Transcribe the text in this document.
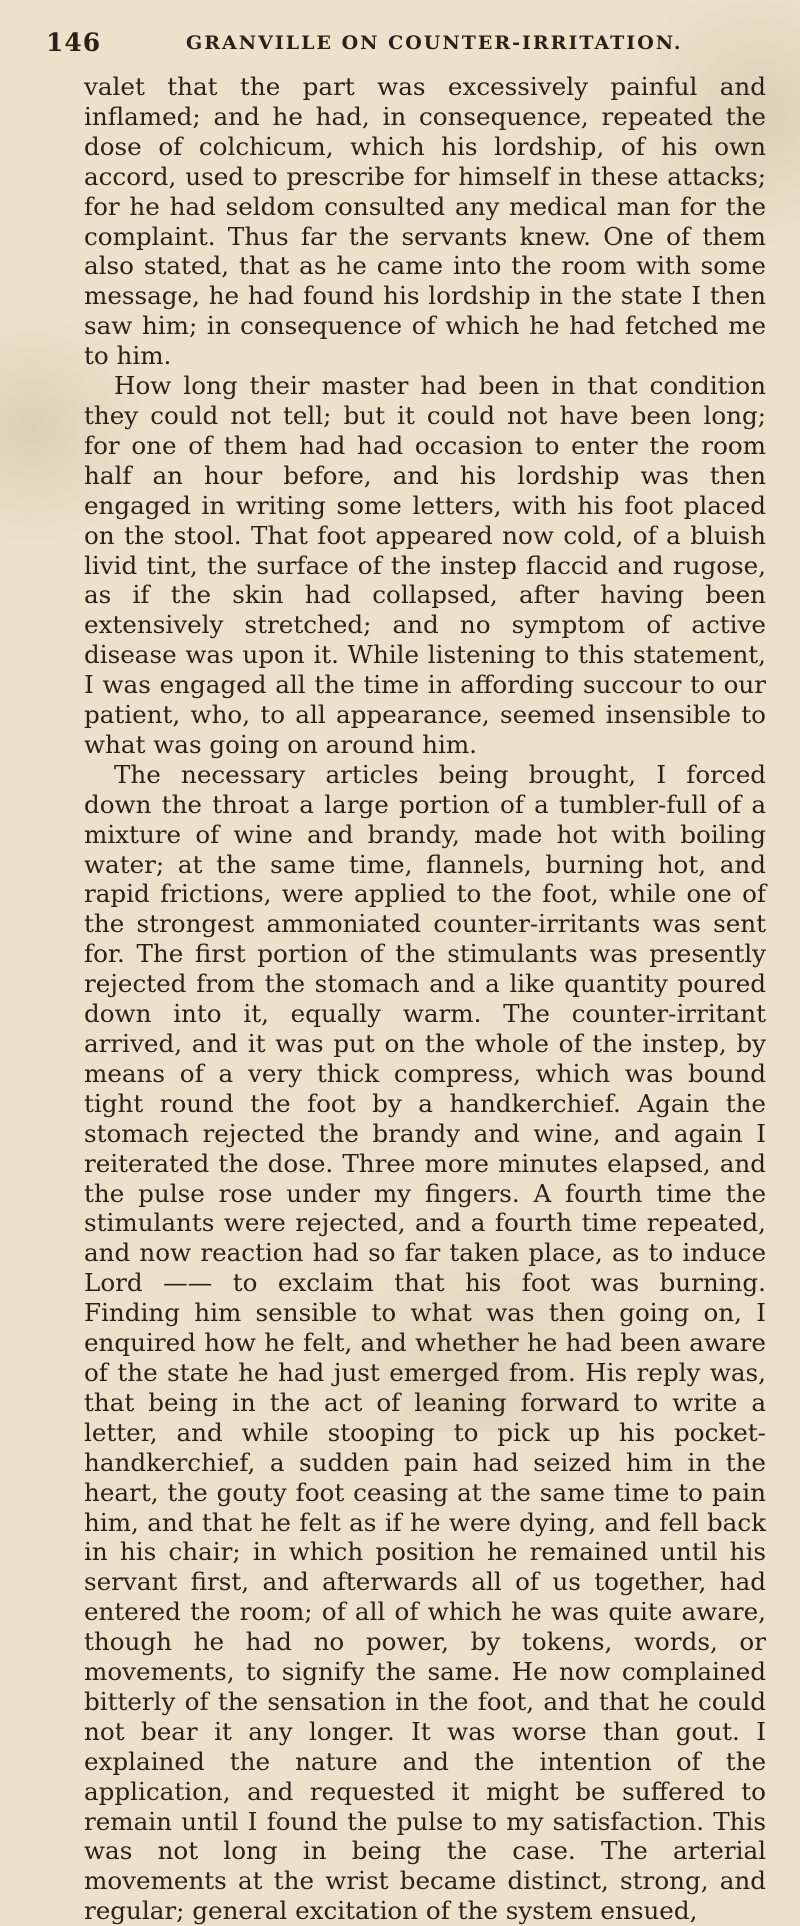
146	GRANVILLE ON COUNTER-IRRITATION.

valet that the part was excessively painful and inflamed; and he had, in consequence, repeated the dose of colchicum, which his lordship, of his own accord, used to prescribe for himself in these attacks; for he had seldom consulted any medical man for the complaint. Thus far the servants knew. One of them also stated, that as he came into the room with some message, he had found his lordship in the state I then saw him; in consequence of which he had fetched me to him.

How long their master had been in that condition they could not tell; but it could not have been long; for one of them had had occasion to enter the room half an hour before, and his lordship was then engaged in writing some letters, with his foot placed on the stool. That foot appeared now cold, of a bluish livid tint, the surface of the instep flaccid and rugose, as if the skin had collapsed, after having been extensively stretched; and no symptom of active disease was upon it. While listening to this statement, I was engaged all the time in affording succour to our patient, who, to all appearance, seemed insensible to what was going on around him.

The necessary articles being brought, I forced down the throat a large portion of a tumbler-full of a mixture of wine and brandy, made hot with boiling water; at the same time, flannels, burning hot, and rapid frictions, were applied to the foot, while one of the strongest ammoniated counter-irritants was sent for. The first portion of the stimulants was presently rejected from the stomach and a like quantity poured down into it, equally warm. The counter-irritant arrived, and it was put on the whole of the instep, by means of a very thick compress, which was bound tight round the foot by a handkerchief. Again the stomach rejected the brandy and wine, and again I reiterated the dose. Three more minutes elapsed, and the pulse rose under my fingers. A fourth time the stimulants were rejected, and a fourth time repeated, and now reaction had so far taken place, as to induce Lord —— to exclaim that his foot was burning. Finding him sensible to what was then going on, I enquired how he felt, and whether he had been aware of the state he had just emerged from. His reply was, that being in the act of leaning forward to write a letter, and while stooping to pick up his pocket-handkerchief, a sudden pain had seized him in the heart, the gouty foot ceasing at the same time to pain him, and that he felt as if he were dying, and fell back in his chair; in which position he remained until his servant first, and afterwards all of us together, had entered the room; of all of which he was quite aware, though he had no power, by tokens, words, or movements, to signify the same. He now complained bitterly of the sensation in the foot, and that he could not bear it any longer. It was worse than gout. I explained the nature and the intention of the application, and requested it might be suffered to remain until I found the pulse to my satisfaction. This was not long in being the case. The arterial movements at the wrist became distinct, strong, and regular; general excitation of the system ensued,
